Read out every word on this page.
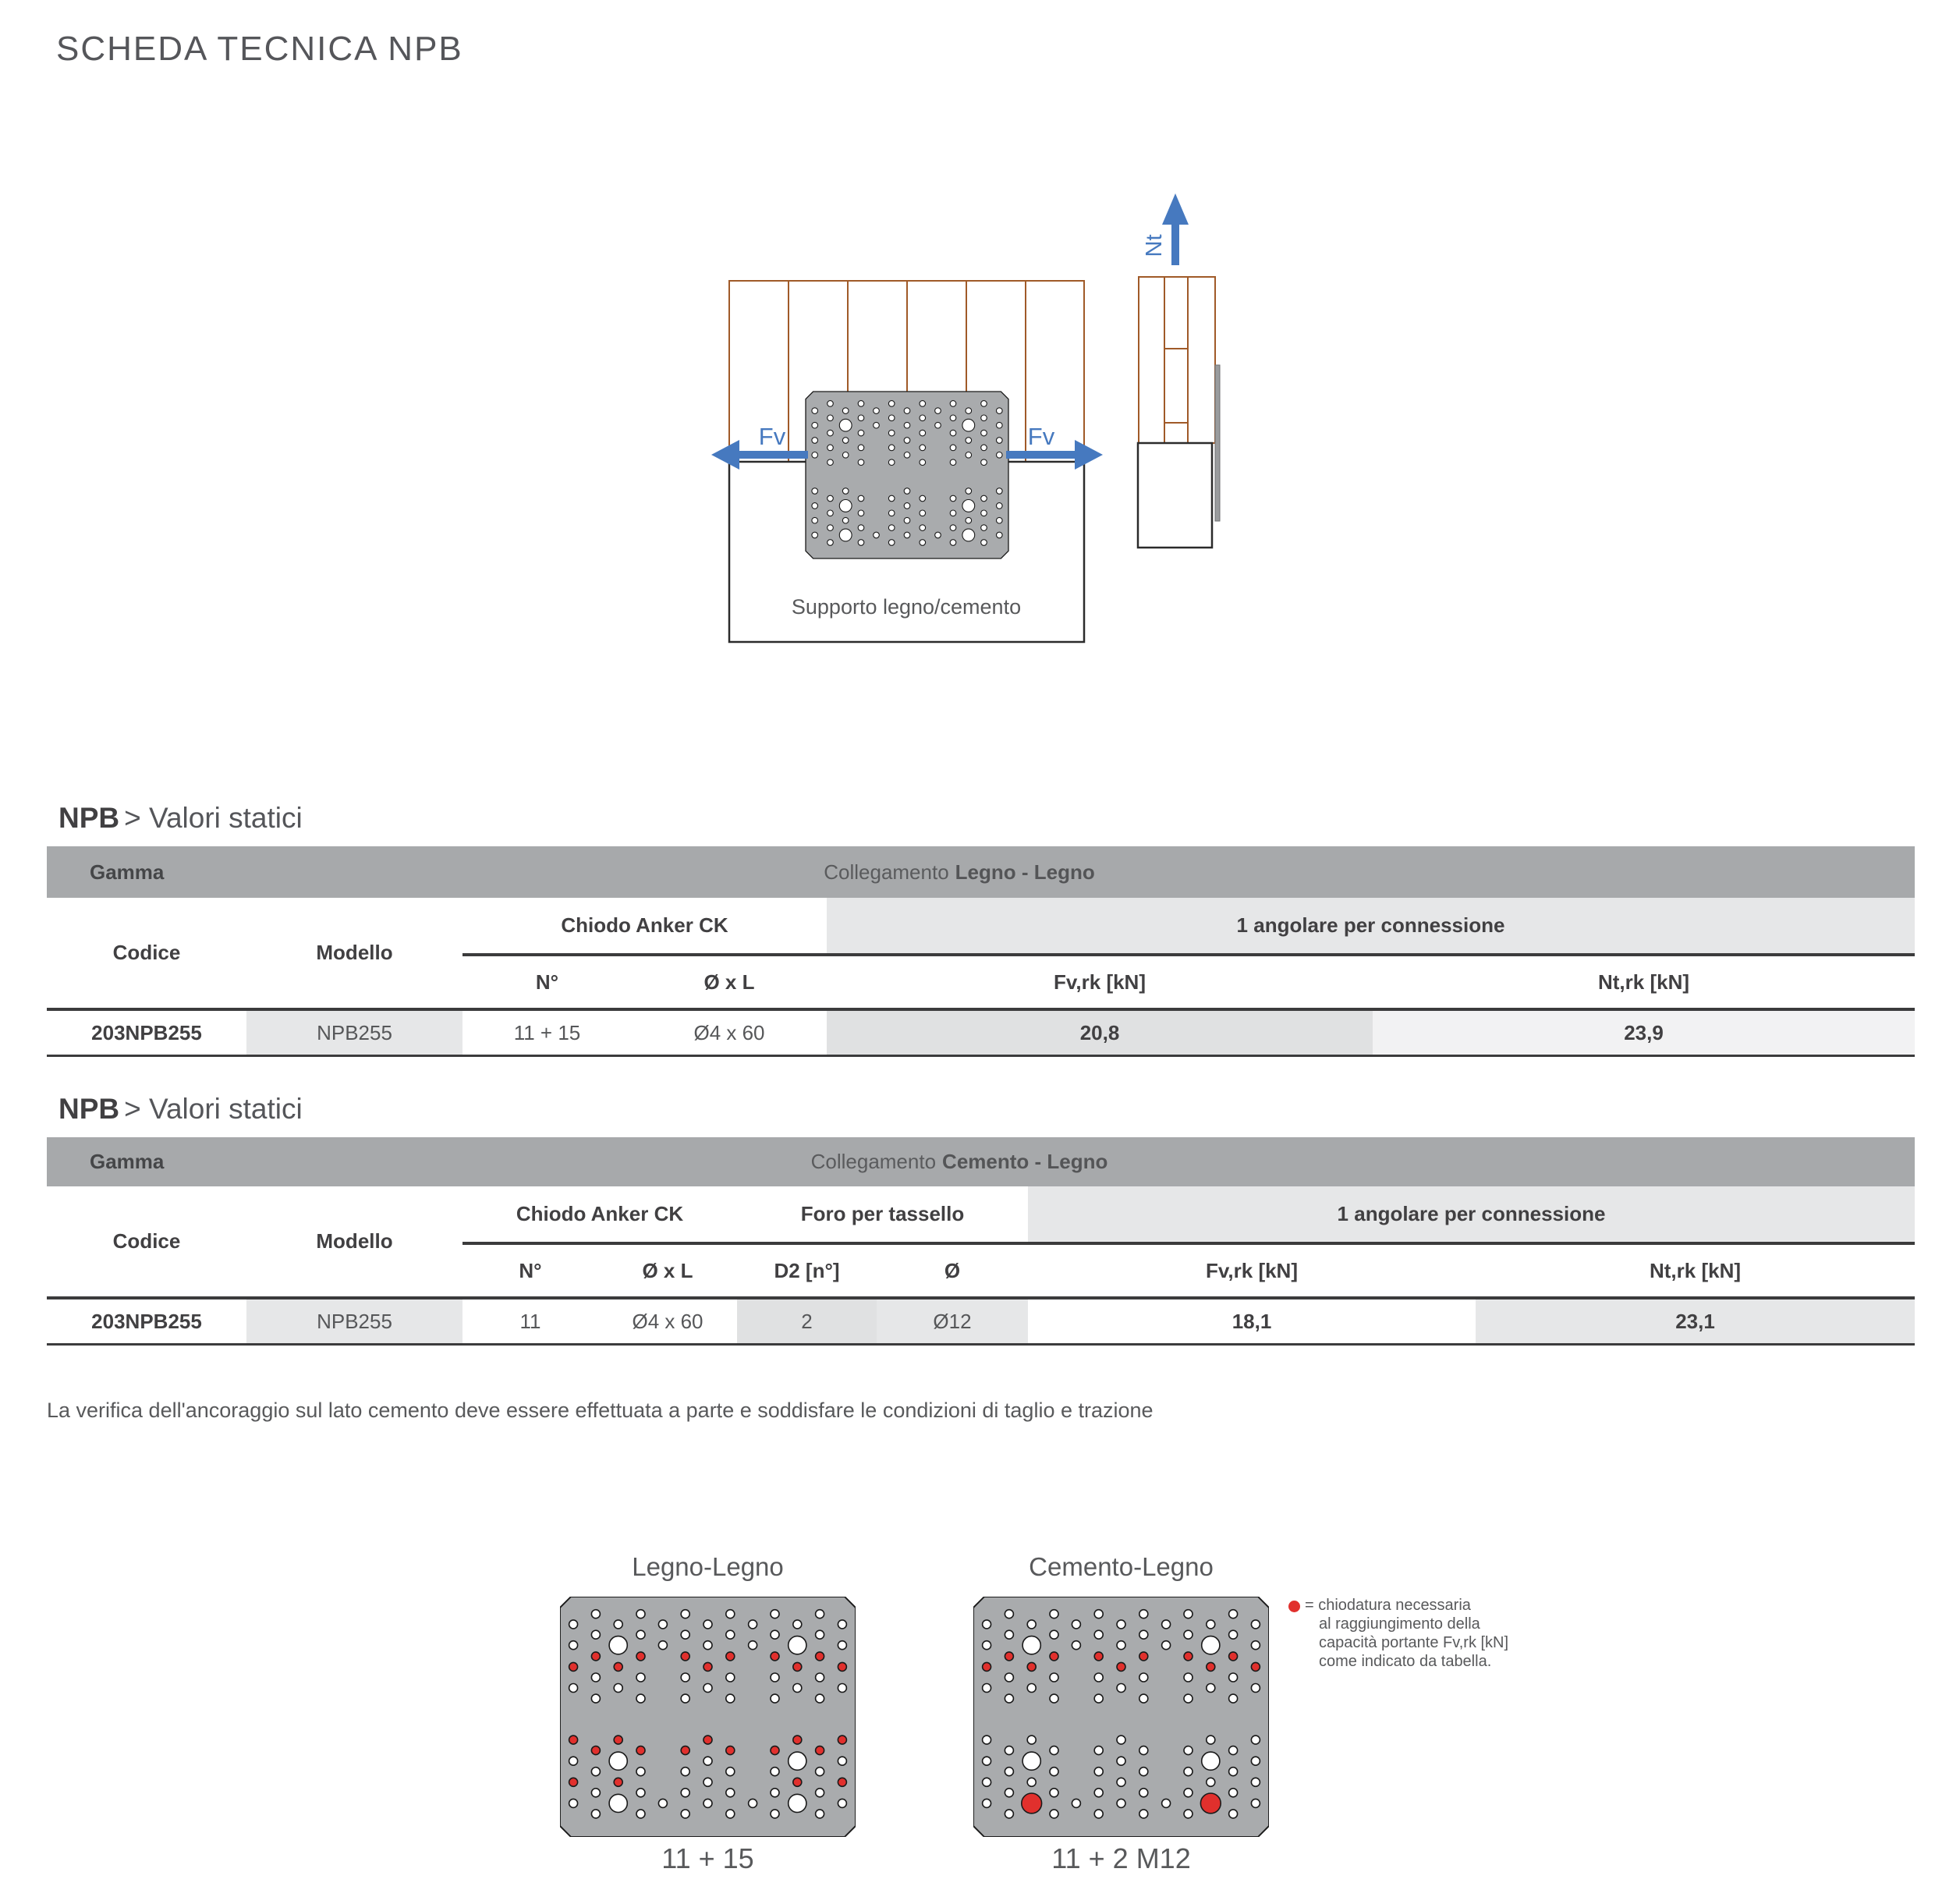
SCHEDA TECNICA NPB
Fv	Fv
Nt
Supporto legno/cemento
NPB > Valori statici
Gamma	Collegamento Legno - Legno
Codice	Modello
Chiodo Anker CK	1 angolare per connessione
N°	Ø x L	Fv,rk [kN]	Nt,rk [kN]
203NPB255	NPB255	11 + 15	Ø4 x 60	20,8	23,9
NPB > Valori statici
Gamma	Collegamento Cemento - Legno
Codice	Modello
Chiodo Anker CK	Foro per tassello	1 angolare per connessione
N°	Ø x L	D2 [n°]	Ø	Fv,rk [kN]	Nt,rk [kN]
203NPB255	NPB255	11	Ø4 x 60	2	Ø12	18,1	23,1
La verifica dell'ancoraggio sul lato cemento deve essere effettuata a parte e soddisfare le condizioni di taglio e trazione
Legno-Legno	Cemento-Legno
11 + 15	11 + 2 M12
= chiodatura necessaria
al raggiungimento della
capacità portante Fv,rk [kN]
come indicato da tabella.
